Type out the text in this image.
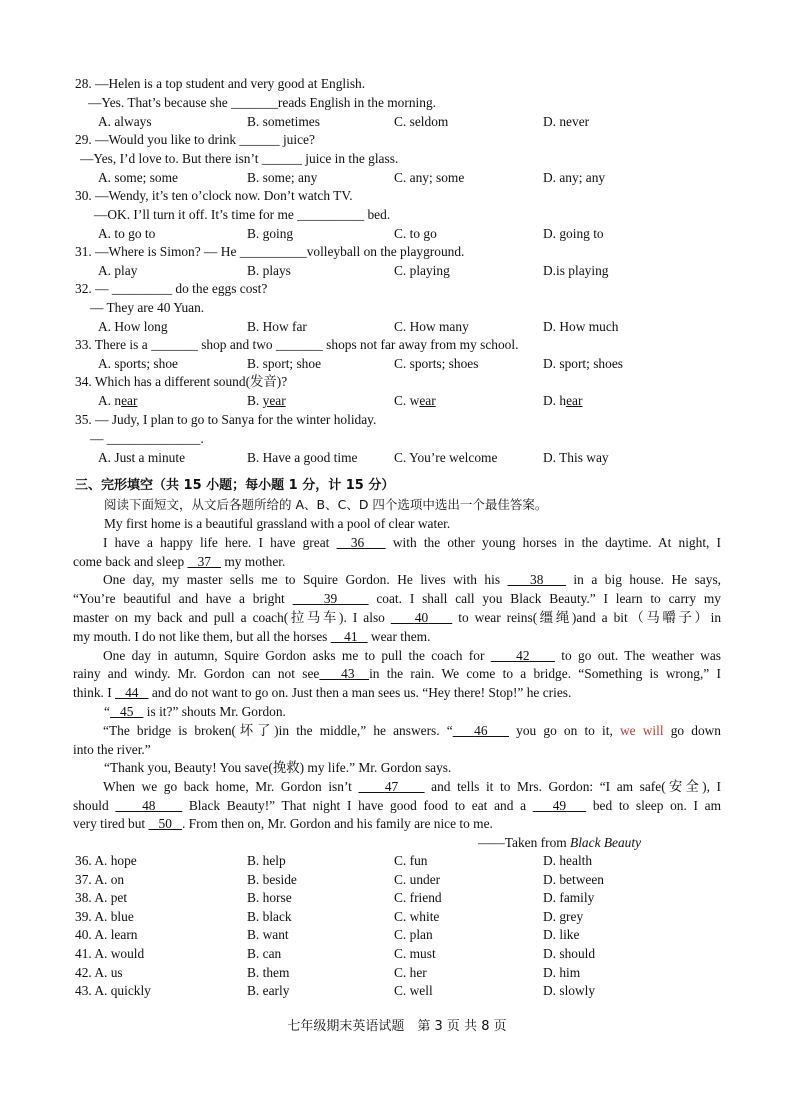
28. —Helen is a top student and very good at English.
—Yes. That’s because she _______reads English in the morning.
A. always	B. sometimes	C. seldom	D. never
29. —Would you like to drink ______ juice?
—Yes, I’d love to. But there isn’t ______ juice in the glass.
A. some; some	B. some; any	C. any; some	D. any; any
30. —Wendy, it’s ten o’clock now. Don’t watch TV.
—OK. I’ll turn it off. It’s time for me __________ bed.
A. to go to	B. going	C. to go	D. going to
31. —Where is Simon? — He __________volleyball on the playground.
A. play	B. plays	C. playing	D.is playing
32. — _________ do the eggs cost?
— They are 40 Yuan.
A. How long	B. How far	C. How many	D. How much
33. There is a _______ shop and two _______ shops not far away from my school.
A. sports; shoe	B. sport; shoe	C. sports; shoes	D. sport; shoes
34. Which has a different sound(发音)?
A. near	B. year	C. wear	D. hear
35. — Judy, I plan to go to Sanya for the winter holiday.
— ______________.
A. Just a minute	B. Have a good time	C. You’re welcome	D. This way
三、完形填空（共 15 小题；每小题 1 分，计 15 分）
阅读下面短文，从文后各题所给的 A、B、C、D 四个选项中选出一个最佳答案。
My first home is a beautiful grassland with a pool of clear water.
I have a happy life here. I have great   36    with the other young horses in the daytime. At night, I
come back and sleep    37    my mother.
One day, my master sells me to Squire Gordon. He lives with his    38    in a big house. He says,
“You’re beautiful and have a bright     39     coat. I shall call you Black Beauty.” I learn to carry my
master on my back and pull a coach(拉马车). I also     40     to wear reins(缰绳)and a bit（马嚼子）in
my mouth. I do not like them, but all the horses     41    wear them.
One day in autumn, Squire Gordon asks me to pull the coach for     42     to go out. The weather was
rainy and windy. Mr. Gordon can not see 43 in the rain. We come to a bridge. “Something is wrong,” I
think. I    44    and do not want to go on. Just then a man sees us. “Hey there! Stop!” he cries.
“ 45    is it?” shouts Mr. Gordon.
“The bridge is broken(坏了)in the middle,” he answers. “ 46    you go on to it, we will go down
into the river.”
“Thank you, Beauty! You save(挽救) my life.” Mr. Gordon says.
When we go back home, Mr. Gordon isn’t     47     and tells it to Mrs. Gordon: “I am safe(安全), I
should     48     Black Beauty!” That night I have good food to eat and a    49    bed to sleep on. I am
very tired but    50 . From then on, Mr. Gordon and his family are nice to me.
——Taken from Black Beauty
36. A. hope	B. help	C. fun	D. health
37. A. on	B. beside	C. under	D. between
38. A. pet	B. horse	C. friend	D. family
39. A. blue	B. black	C. white	D. grey
40. A. learn	B. want	C. plan	D. like
41. A. would	B. can	C. must	D. should
42. A. us	B. them	C. her	D. him
43. A. quickly	B. early	C. well	D. slowly
七年级期末英语试题　第 3 页 共 8 页
